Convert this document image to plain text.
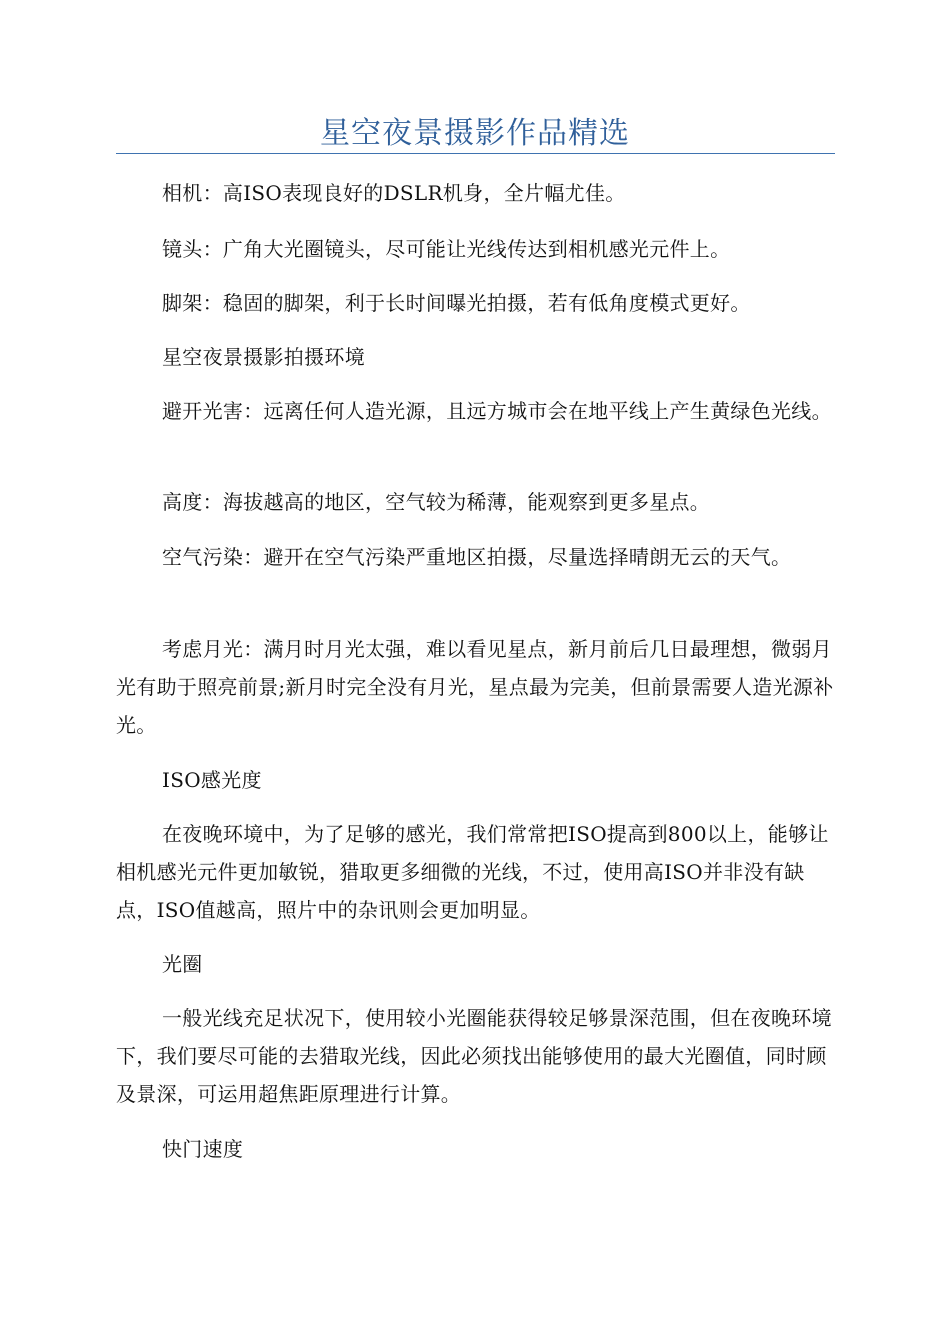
星空夜景摄影作品精选

相机：高ISO表现良好的DSLR机身，全片幅尤佳。

镜头：广角大光圈镜头，尽可能让光线传达到相机感光元件上。

脚架：稳固的脚架，利于长时间曝光拍摄，若有低角度模式更好。

星空夜景摄影拍摄环境

避开光害：远离任何人造光源，且远方城市会在地平线上产生黄绿色光线。

高度：海拔越高的地区，空气较为稀薄，能观察到更多星点。

空气污染：避开在空气污染严重地区拍摄，尽量选择晴朗无云的天气。

考虑月光：满月时月光太强，难以看见星点，新月前后几日最理想，微弱月光有助于照亮前景;新月时完全没有月光，星点最为完美，但前景需要人造光源补光。

ISO感光度

在夜晚环境中，为了足够的感光，我们常常把ISO提高到800以上，能够让相机感光元件更加敏锐，猎取更多细微的光线，不过，使用高ISO并非没有缺点，ISO值越高，照片中的杂讯则会更加明显。

光圈

一般光线充足状况下，使用较小光圈能获得较足够景深范围，但在夜晚环境下，我们要尽可能的去猎取光线，因此必须找出能够使用的最大光圈值，同时顾及景深，可运用超焦距原理进行计算。

快门速度
